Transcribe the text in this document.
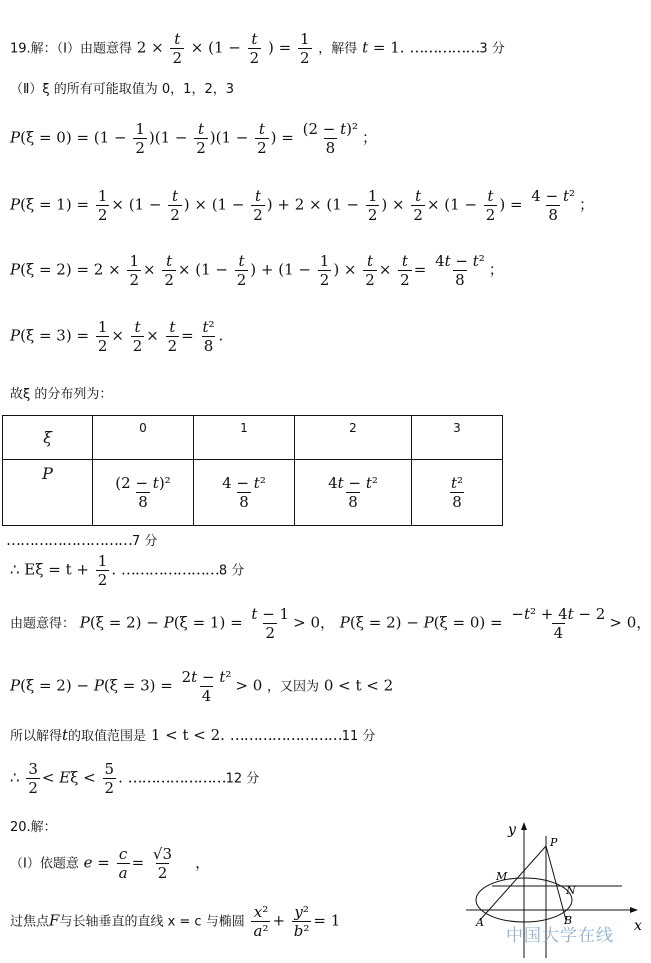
19.解：（Ⅰ）由题意得 $2 \times \frac{t}{2} \times (1 - \frac{t}{2}$ ) = $\frac{1}{2}$ ，解得 t = 1. ……………3 分
（Ⅱ）ξ 的所有可能取值为 0，1，2，3
$P(\xi = 0) = (1 - \frac{1}{2} )(1 - \frac{t}{2} )(1 - \frac{t}{2}$ ) = $\frac{\text{(2 − t)²}}{8}$ ；
$P(\xi = 1) = \frac{1}{2} \times (1 - \frac{t}{2}$ ) × ($1 - \frac{t}{2}$ ) + $2 \times (1 - \frac{1}{2}$ ) × $\frac{t}{2} \times (1 - \frac{t}{2}$ ) = $\frac{\text{4 − t²}}{8}$ ；
$P(\xi = 2) = 2 \times \frac{1}{2} \times \frac{t}{2} \times (1 - \frac{t}{2}$ ) + ($1 - \frac{1}{2}$ ) × $\frac{t}{2} \times \frac{t}{2} = \frac{\text{4t − t²}}{8}$ ；
$P(\xi = 3) = \frac{1}{2} \times \frac{t}{2} \times \frac{t}{2} = \frac{\text{t²}}{8}$ .
故ξ 的分布列为：
ξ	0	1	2	3
P	$\frac{\text{(2 − t)²}}{8}$	$\frac{\text{4 − t²}}{8}$	$\frac{\text{4t − t²}}{8}$	$\frac{\text{t²}}{8}$
………………………7 分
∴ $E\xi = t + \frac{1}{2}$ . …………………8 分
由题意得： $P(\xi = 2) - P(\xi = 1) = \frac{t - 1}{2} > 0$， $P(\xi = 2) - P(\xi = 0) = \frac{\text{−t² + 4t − 2}}{4} > 0$，
$P(\xi = 2) - P(\xi = 3) = \frac{\text{2t − t²}}{4} > 0$ ，又因为 0 < t < 2
所以解得t的取值范围是 1 < t < 2. ……………………11 分
∴ $\frac{3}{2} < E\xi < \frac{5}{2}$ . …………………12 分
20.解：
（Ⅰ）依题意 $e = \frac{c}{a} = \frac{√3}{2}$ ，
过焦点F与长轴垂直的直线 x = c 与椭圆 $\frac{\text{x²}}{\text{a²}} + \frac{\text{y²}}{\text{b²}} = 1$
y
x
P
M
N
A	B
中国大学在线
